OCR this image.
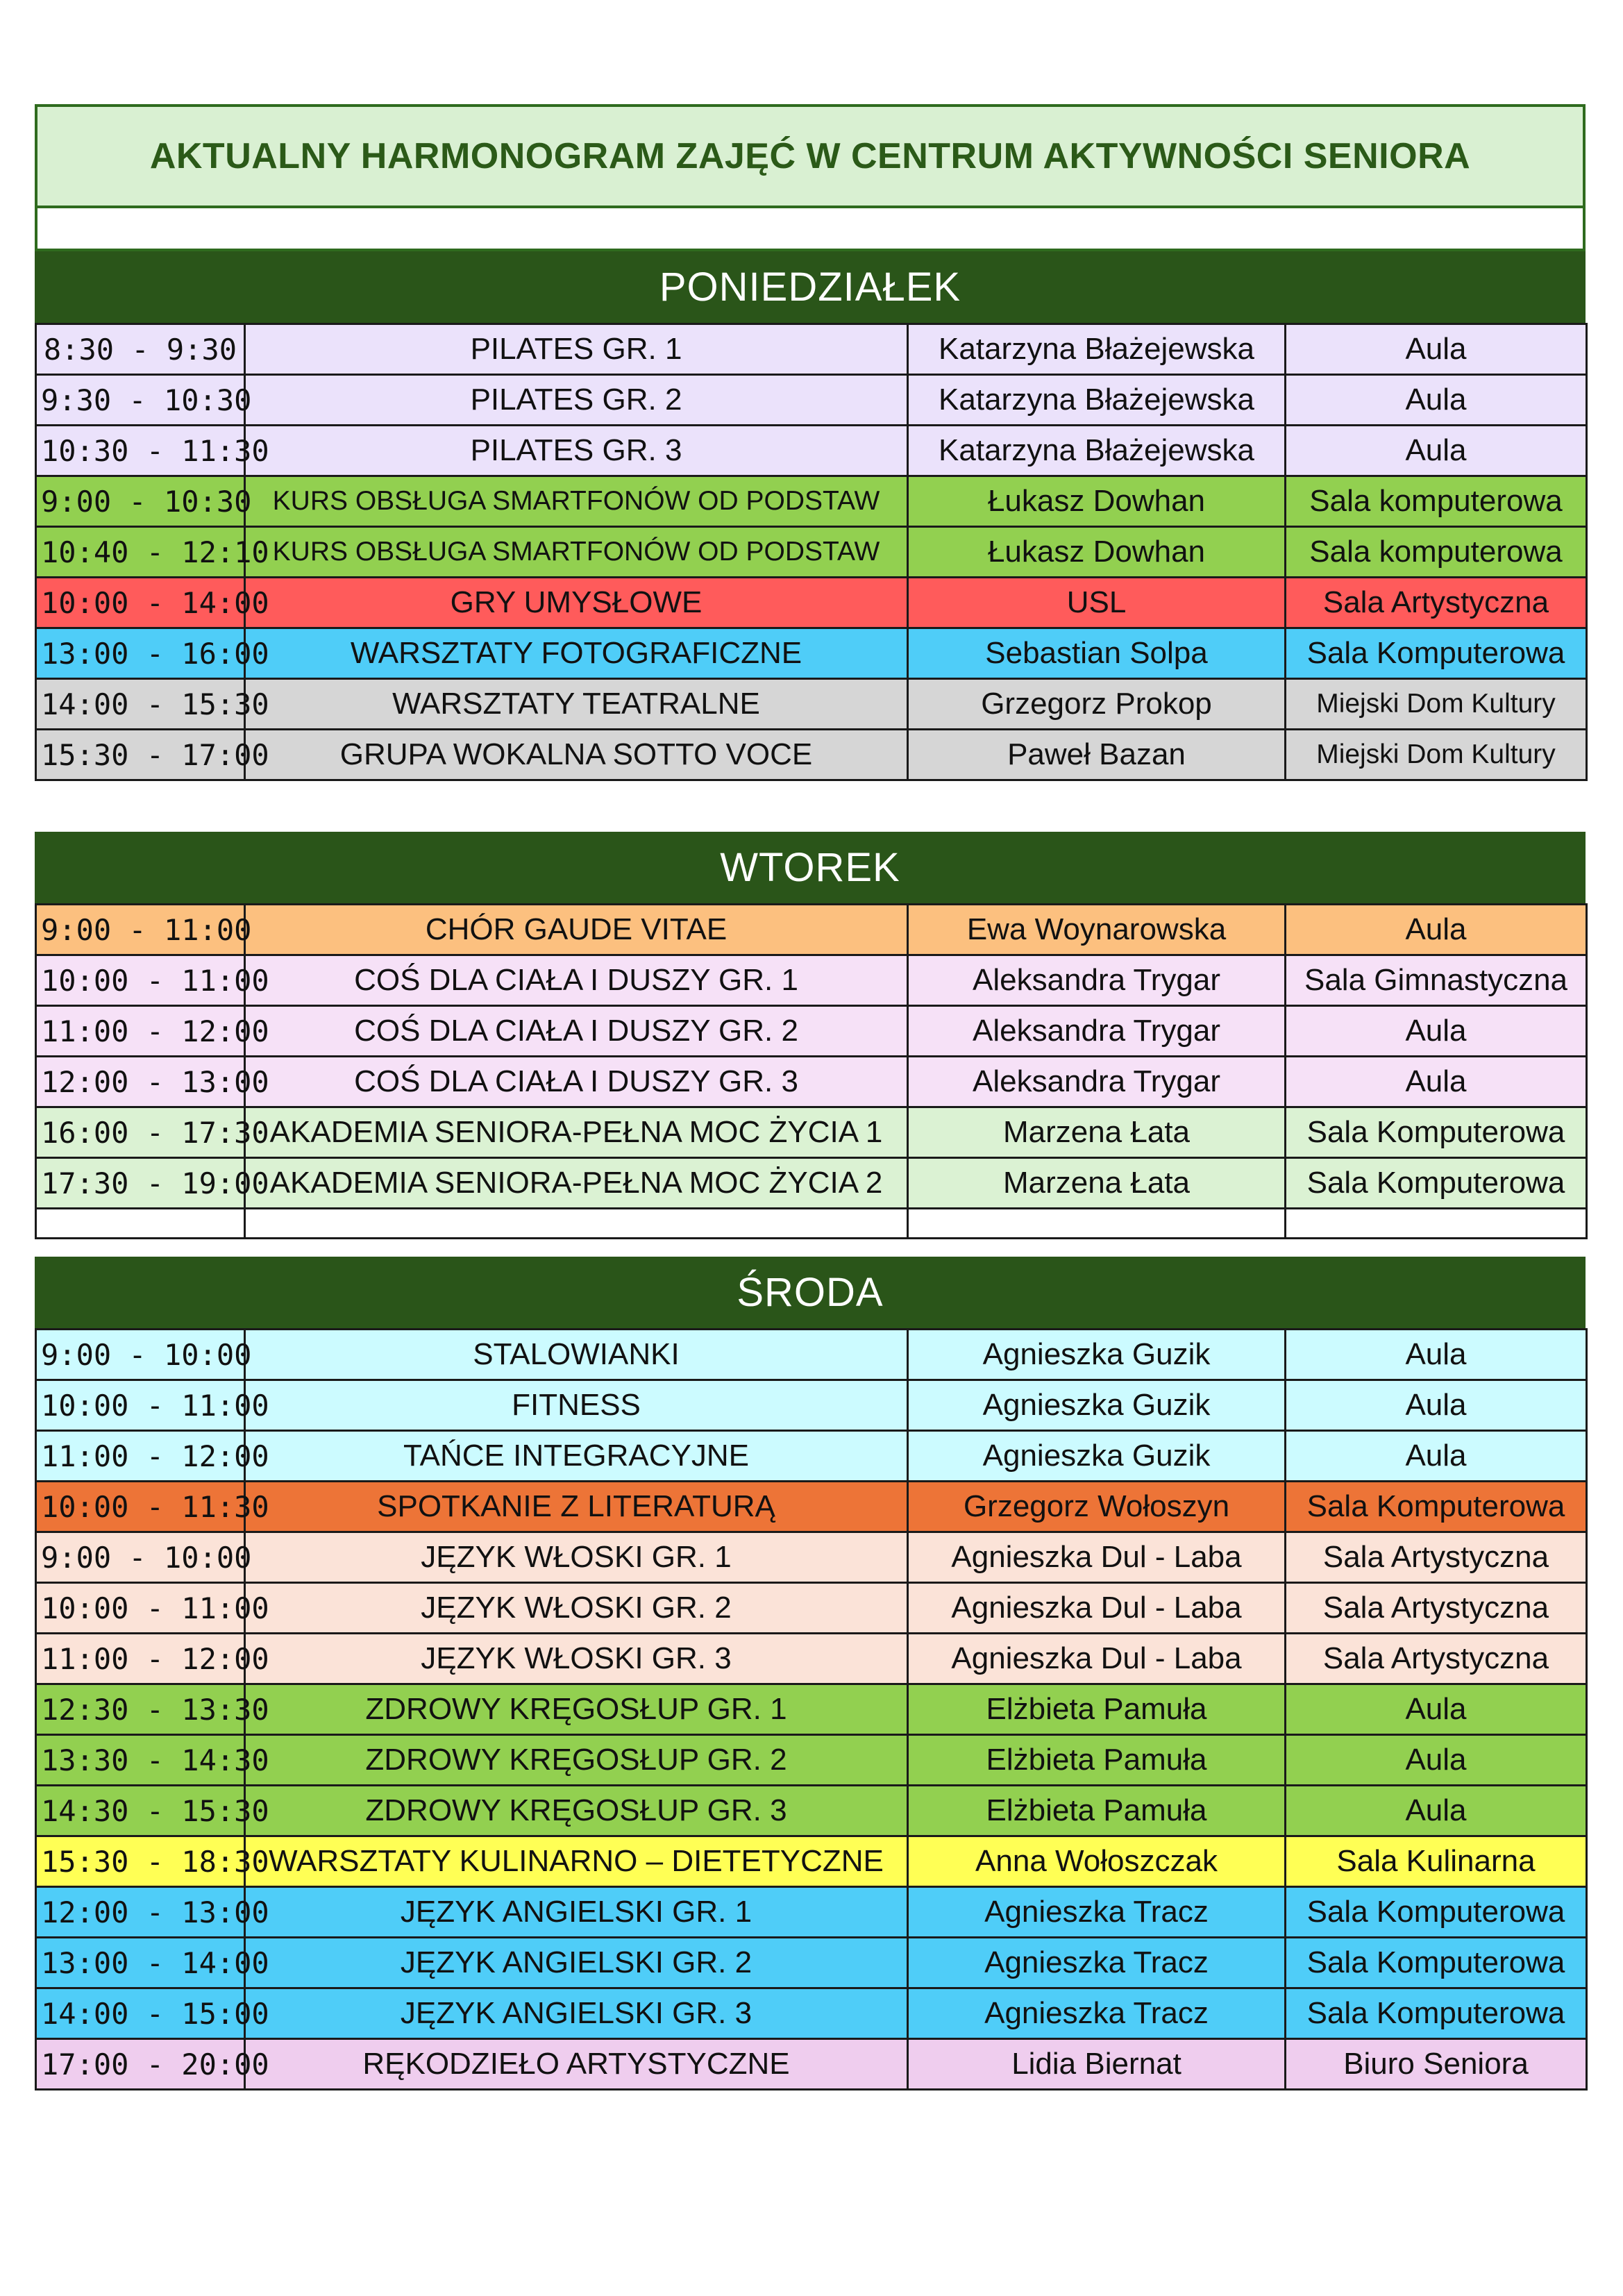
AKTUALNY HARMONOGRAM ZAJĘĆ W CENTRUM AKTYWNOŚCI SENIORA
PONIEDZIAŁEK
8:30 - 9:30	PILATES GR. 1	Katarzyna Błażejewska	Aula
9:30 - 10:30	PILATES GR. 2	Katarzyna Błażejewska	Aula
10:30 - 11:30	PILATES GR. 3	Katarzyna Błażejewska	Aula
9:00 - 10:30	KURS OBSŁUGA SMARTFONÓW OD PODSTAW	Łukasz Dowhan	Sala komputerowa
10:40 - 12:10	KURS OBSŁUGA SMARTFONÓW OD PODSTAW	Łukasz Dowhan	Sala komputerowa
10:00 - 14:00	GRY UMYSŁOWE	USL	Sala Artystyczna
13:00 - 16:00	WARSZTATY FOTOGRAFICZNE	Sebastian Solpa	Sala Komputerowa
14:00 - 15:30	WARSZTATY TEATRALNE	Grzegorz Prokop	Miejski Dom Kultury
15:30 - 17:00	GRUPA WOKALNA SOTTO VOCE	Paweł Bazan	Miejski Dom Kultury
WTOREK
9:00 - 11:00	CHÓR GAUDE VITAE	Ewa Woynarowska	Aula
10:00 - 11:00	COŚ DLA CIAŁA I DUSZY GR. 1	Aleksandra Trygar	Sala Gimnastyczna
11:00 - 12:00	COŚ DLA CIAŁA I DUSZY GR. 2	Aleksandra Trygar	Aula
12:00 - 13:00	COŚ DLA CIAŁA I DUSZY GR. 3	Aleksandra Trygar	Aula
16:00 - 17:30	AKADEMIA SENIORA-PEŁNA MOC ŻYCIA 1	Marzena Łata	Sala Komputerowa
17:30 - 19:00	AKADEMIA SENIORA-PEŁNA MOC ŻYCIA 2	Marzena Łata	Sala Komputerowa

ŚRODA
9:00 - 10:00	STALOWIANKI	Agnieszka Guzik	Aula
10:00 - 11:00	FITNESS	Agnieszka Guzik	Aula
11:00 - 12:00	TAŃCE INTEGRACYJNE	Agnieszka Guzik	Aula
10:00 - 11:30	SPOTKANIE Z LITERATURĄ	Grzegorz Wołoszyn	Sala Komputerowa
9:00 - 10:00	JĘZYK WŁOSKI GR. 1	Agnieszka Dul - Laba	Sala Artystyczna
10:00 - 11:00	JĘZYK WŁOSKI GR. 2	Agnieszka Dul - Laba	Sala Artystyczna
11:00 - 12:00	JĘZYK WŁOSKI GR. 3	Agnieszka Dul - Laba	Sala Artystyczna
12:30 - 13:30	ZDROWY KRĘGOSŁUP GR. 1	Elżbieta Pamuła	Aula
13:30 - 14:30	ZDROWY KRĘGOSŁUP GR. 2	Elżbieta Pamuła	Aula
14:30 - 15:30	ZDROWY KRĘGOSŁUP GR. 3	Elżbieta Pamuła	Aula
15:30 - 18:30	WARSZTATY KULINARNO – DIETETYCZNE	Anna Wołoszczak	Sala Kulinarna
12:00 - 13:00	JĘZYK ANGIELSKI GR. 1	Agnieszka Tracz	Sala Komputerowa
13:00 - 14:00	JĘZYK ANGIELSKI GR. 2	Agnieszka Tracz	Sala Komputerowa
14:00 - 15:00	JĘZYK ANGIELSKI GR. 3	Agnieszka Tracz	Sala Komputerowa
17:00 - 20:00	RĘKODZIEŁO ARTYSTYCZNE	Lidia Biernat	Biuro Seniora
